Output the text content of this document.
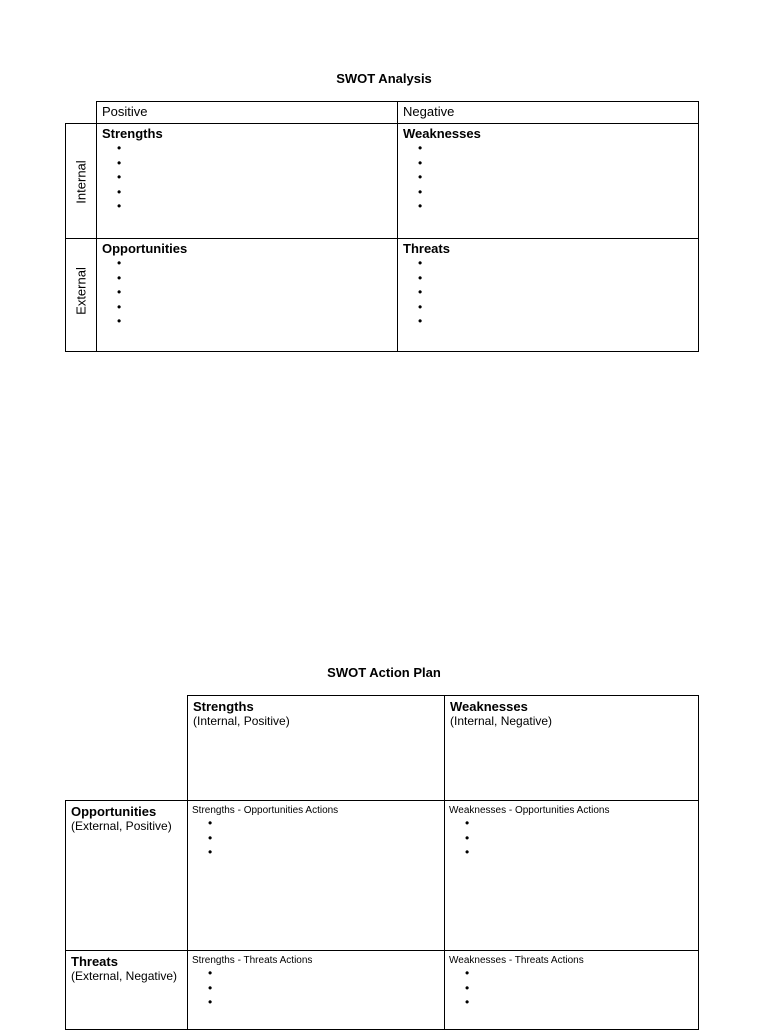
SWOT Analysis
Positive	Negative
Internal
External
Strengths
•
•
•
•
•
Weaknesses
•
•
•
•
•
Opportunities
•
•
•
•
•
Threats
•
•
•
•
•
SWOT Action Plan
Strengths
(Internal, Positive)
Weaknesses
(Internal, Negative)
Opportunities
(External, Positive)
Strengths - Opportunities Actions
•
•
•
Weaknesses - Opportunities Actions
•
•
•
Threats
(External, Negative)
Strengths - Threats Actions
•
•
•
Weaknesses - Threats Actions
•
•
•
